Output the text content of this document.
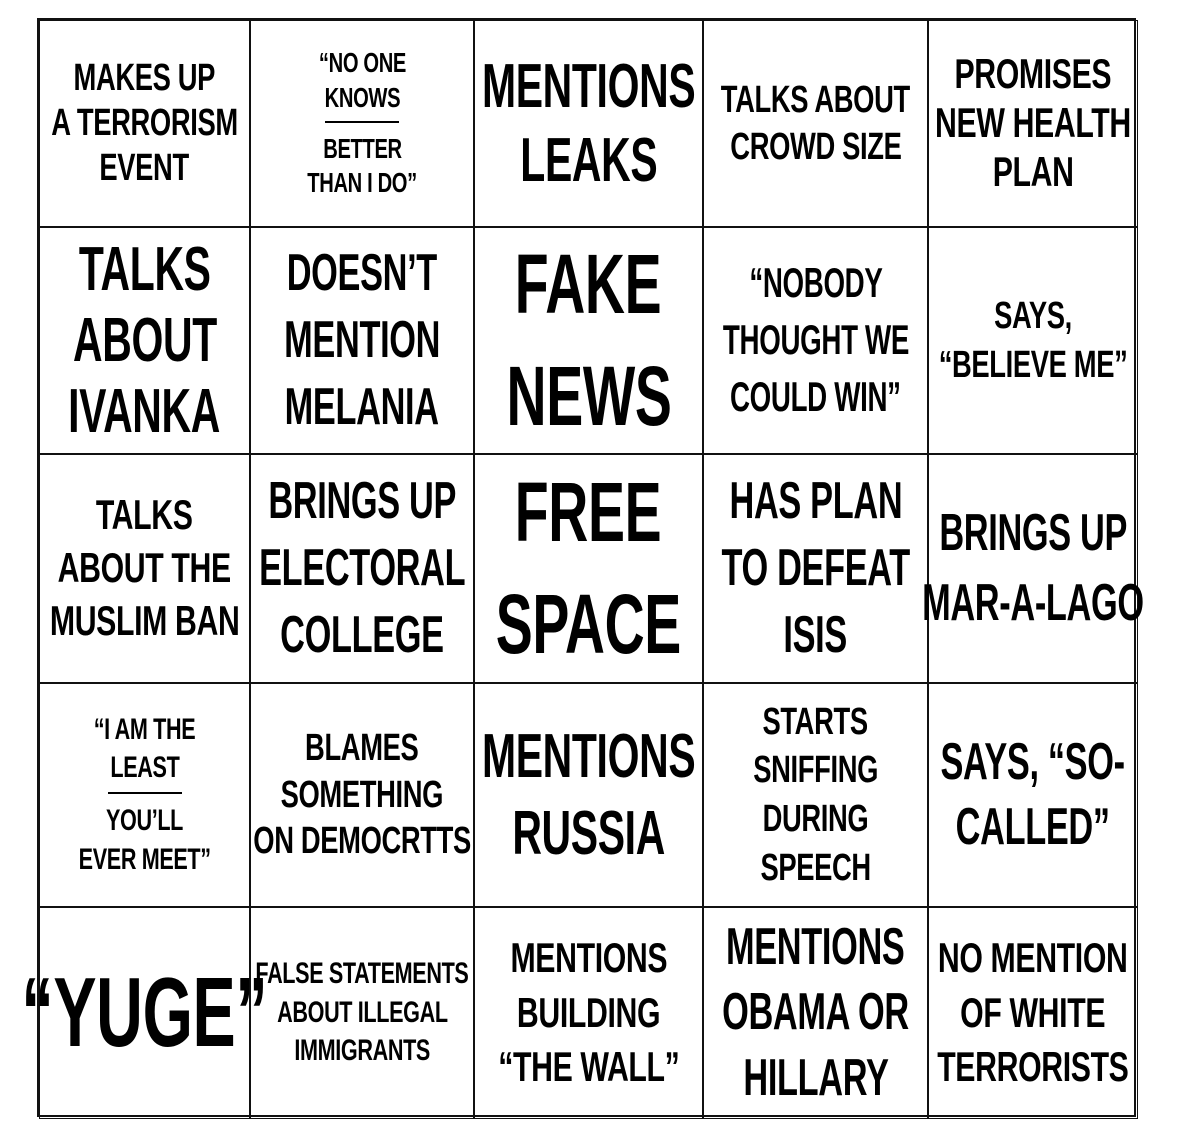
MAKES UP
A TERRORISM
EVENT
“NO ONE
KNOWS
BETTER
THAN I DO”
MENTIONS
LEAKS
TALKS ABOUT
CROWD SIZE
PROMISES
NEW HEALTH
PLAN
TALKS
ABOUT
IVANKA
DOESN’T
MENTION
MELANIA
FAKE
NEWS
“NOBODY
THOUGHT WE
COULD WIN”
SAYS,
“BELIEVE ME”
TALKS
ABOUT THE
MUSLIM BAN
BRINGS UP
ELECTORAL
COLLEGE
FREE
SPACE
HAS PLAN
TO DEFEAT
ISIS
BRINGS UP
MAR-A-LAGO
“I AM THE
LEAST
YOU’LL
EVER MEET”
BLAMES
SOMETHING
ON DEMOCRTTS
MENTIONS
RUSSIA
STARTS
SNIFFING
DURING
SPEECH
SAYS, “SO-
CALLED”
“YUGE”
FALSE STATEMENTS
ABOUT ILLEGAL
IMMIGRANTS
MENTIONS
BUILDING
“THE WALL”
MENTIONS
OBAMA OR
HILLARY
NO MENTION
OF WHITE
TERRORISTS
